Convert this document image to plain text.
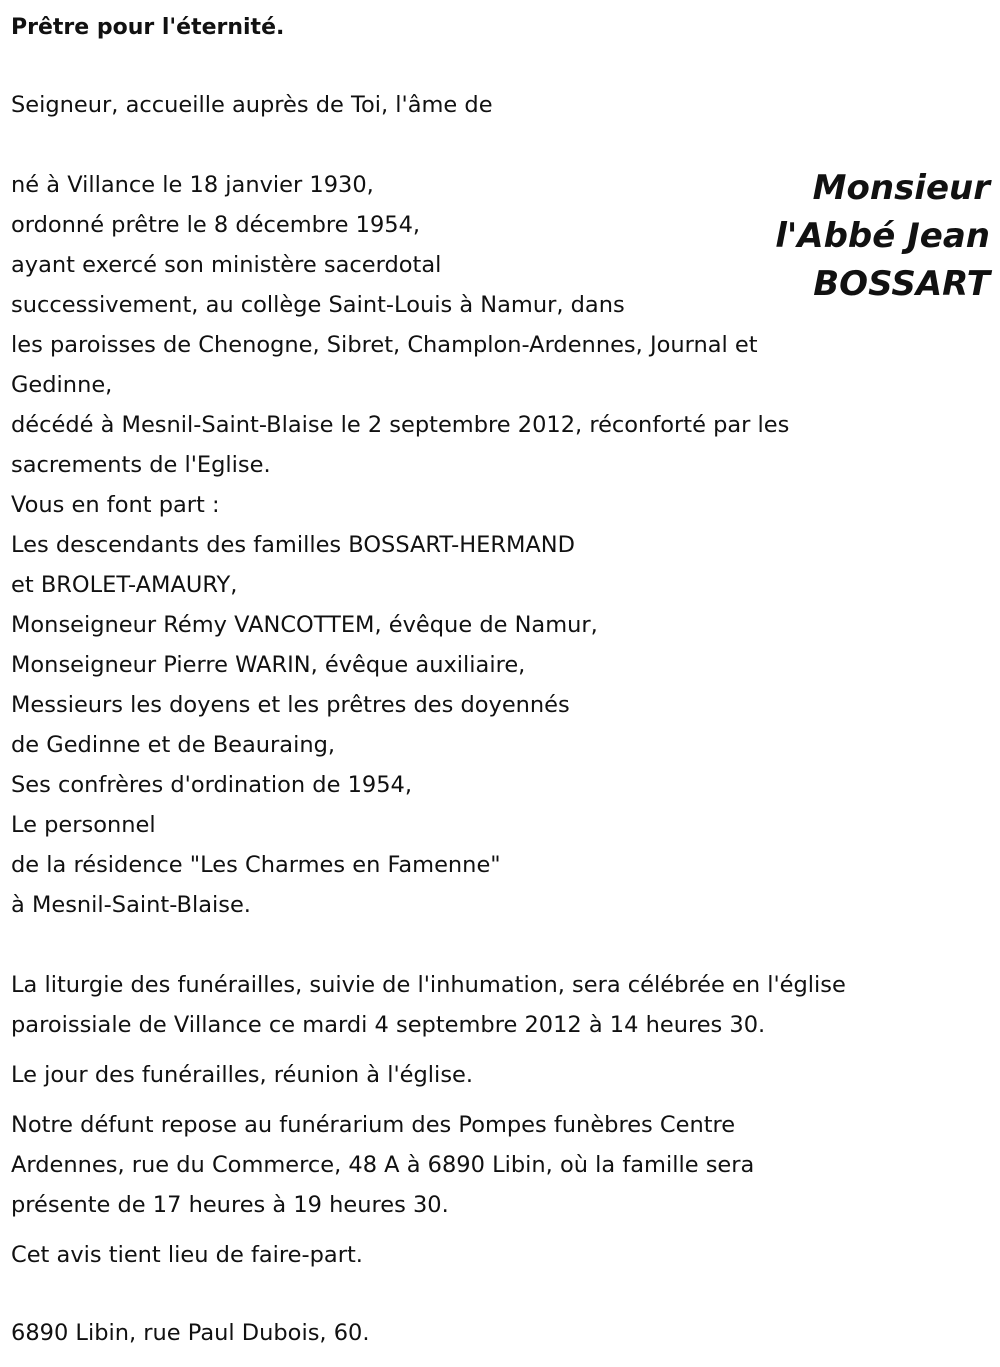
Prêtre pour l'éternité.
Seigneur, accueille auprès de Toi, l'âme de
Monsieur
l'Abbé Jean
BOSSART
né à Villance le 18 janvier 1930,
ordonné prêtre le 8 décembre 1954,
ayant exercé son ministère sacerdotal
successivement, au collège Saint-Louis à Namur, dans
les paroisses de Chenogne, Sibret, Champlon-Ardennes, Journal et
Gedinne,
décédé à Mesnil-Saint-Blaise le 2 septembre 2012, réconforté par les
sacrements de l'Eglise.
Vous en font part :
Les descendants des familles BOSSART-HERMAND
et BROLET-AMAURY,
Monseigneur Rémy VANCOTTEM, évêque de Namur,
Monseigneur Pierre WARIN, évêque auxiliaire,
Messieurs les doyens et les prêtres des doyennés
de Gedinne et de Beauraing,
Ses confrères d'ordination de 1954,
Le personnel
de la résidence "Les Charmes en Famenne"
à Mesnil-Saint-Blaise.
La liturgie des funérailles, suivie de l'inhumation, sera célébrée en l'église
paroissiale de Villance ce mardi 4 septembre 2012 à 14 heures 30.
Le jour des funérailles, réunion à l'église.
Notre défunt repose au funérarium des Pompes funèbres Centre
Ardennes, rue du Commerce, 48 A à 6890 Libin, où la famille sera
présente de 17 heures à 19 heures 30.
Cet avis tient lieu de faire-part.
6890 Libin, rue Paul Dubois, 60.
